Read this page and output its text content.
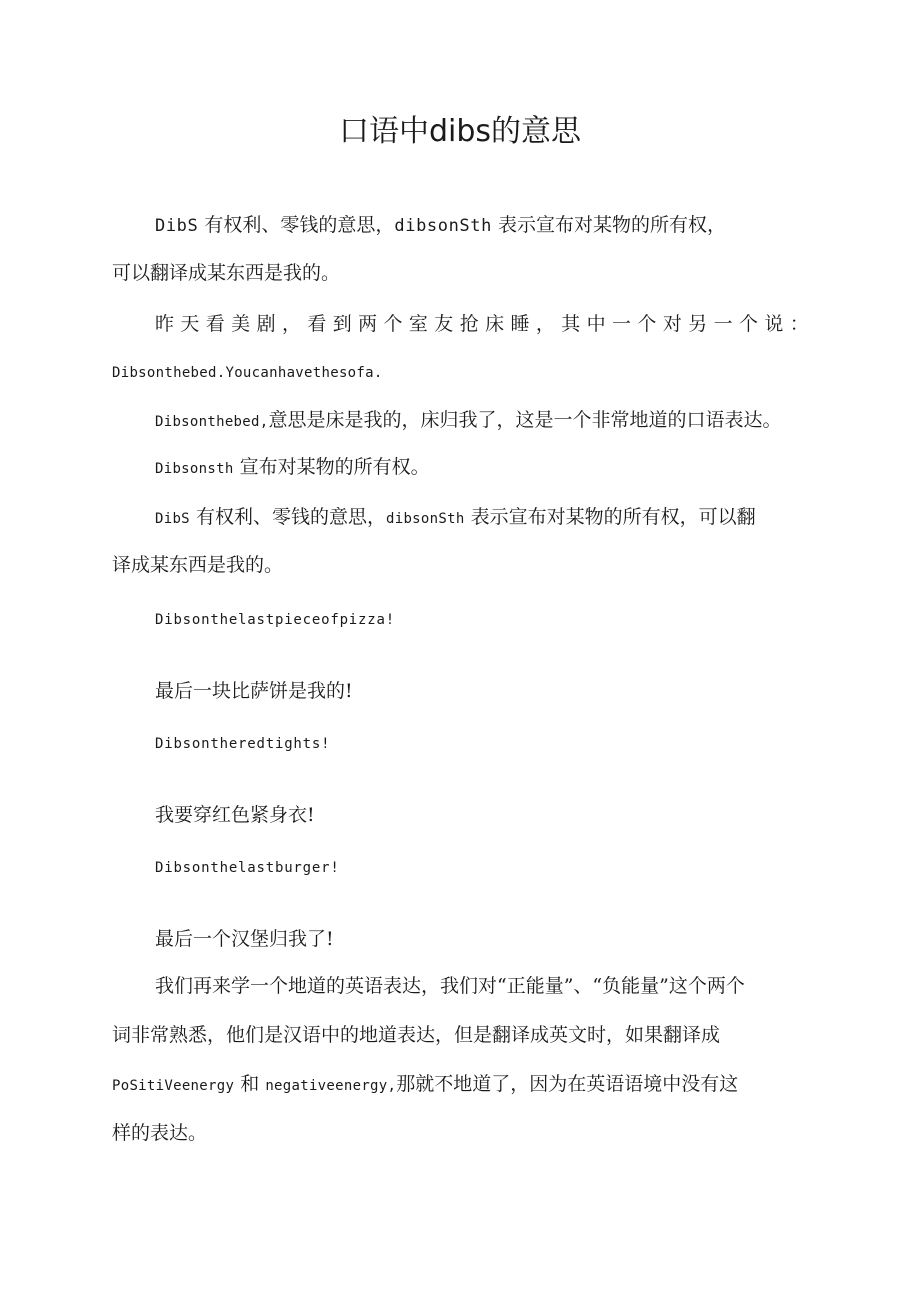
口语中dibs的意思

DibS 有权利、零钱的意思，dibsonSth 表示宣布对某物的所有权，

可以翻译成某东西是我的。

昨 天 看 美 剧 ， 看 到 两 个 室 友 抢 床 睡 ， 其 中 一 个 对 另 一 个 说 ：

Dibsonthebed.Youcanhavethesofa.

Dibsonthebed,意思是床是我的，床归我了，这是一个非常地道的口语表达。

Dibsonsth 宣布对某物的所有权。

DibS 有权利、零钱的意思，dibsonSth 表示宣布对某物的所有权，可以翻

译成某东西是我的。

Dibsonthelastpieceofpizza!

最后一块比萨饼是我的!

Dibsontheredtights!

我要穿红色紧身衣!

Dibsonthelastburger!

最后一个汉堡归我了!

我们再来学一个地道的英语表达，我们对“正能量”、“负能量”这个两个

词非常熟悉，他们是汉语中的地道表达，但是翻译成英文时，如果翻译成

PoSitiVeenergy 和 negativeenergy,那就不地道了，因为在英语语境中没有这

样的表达。
